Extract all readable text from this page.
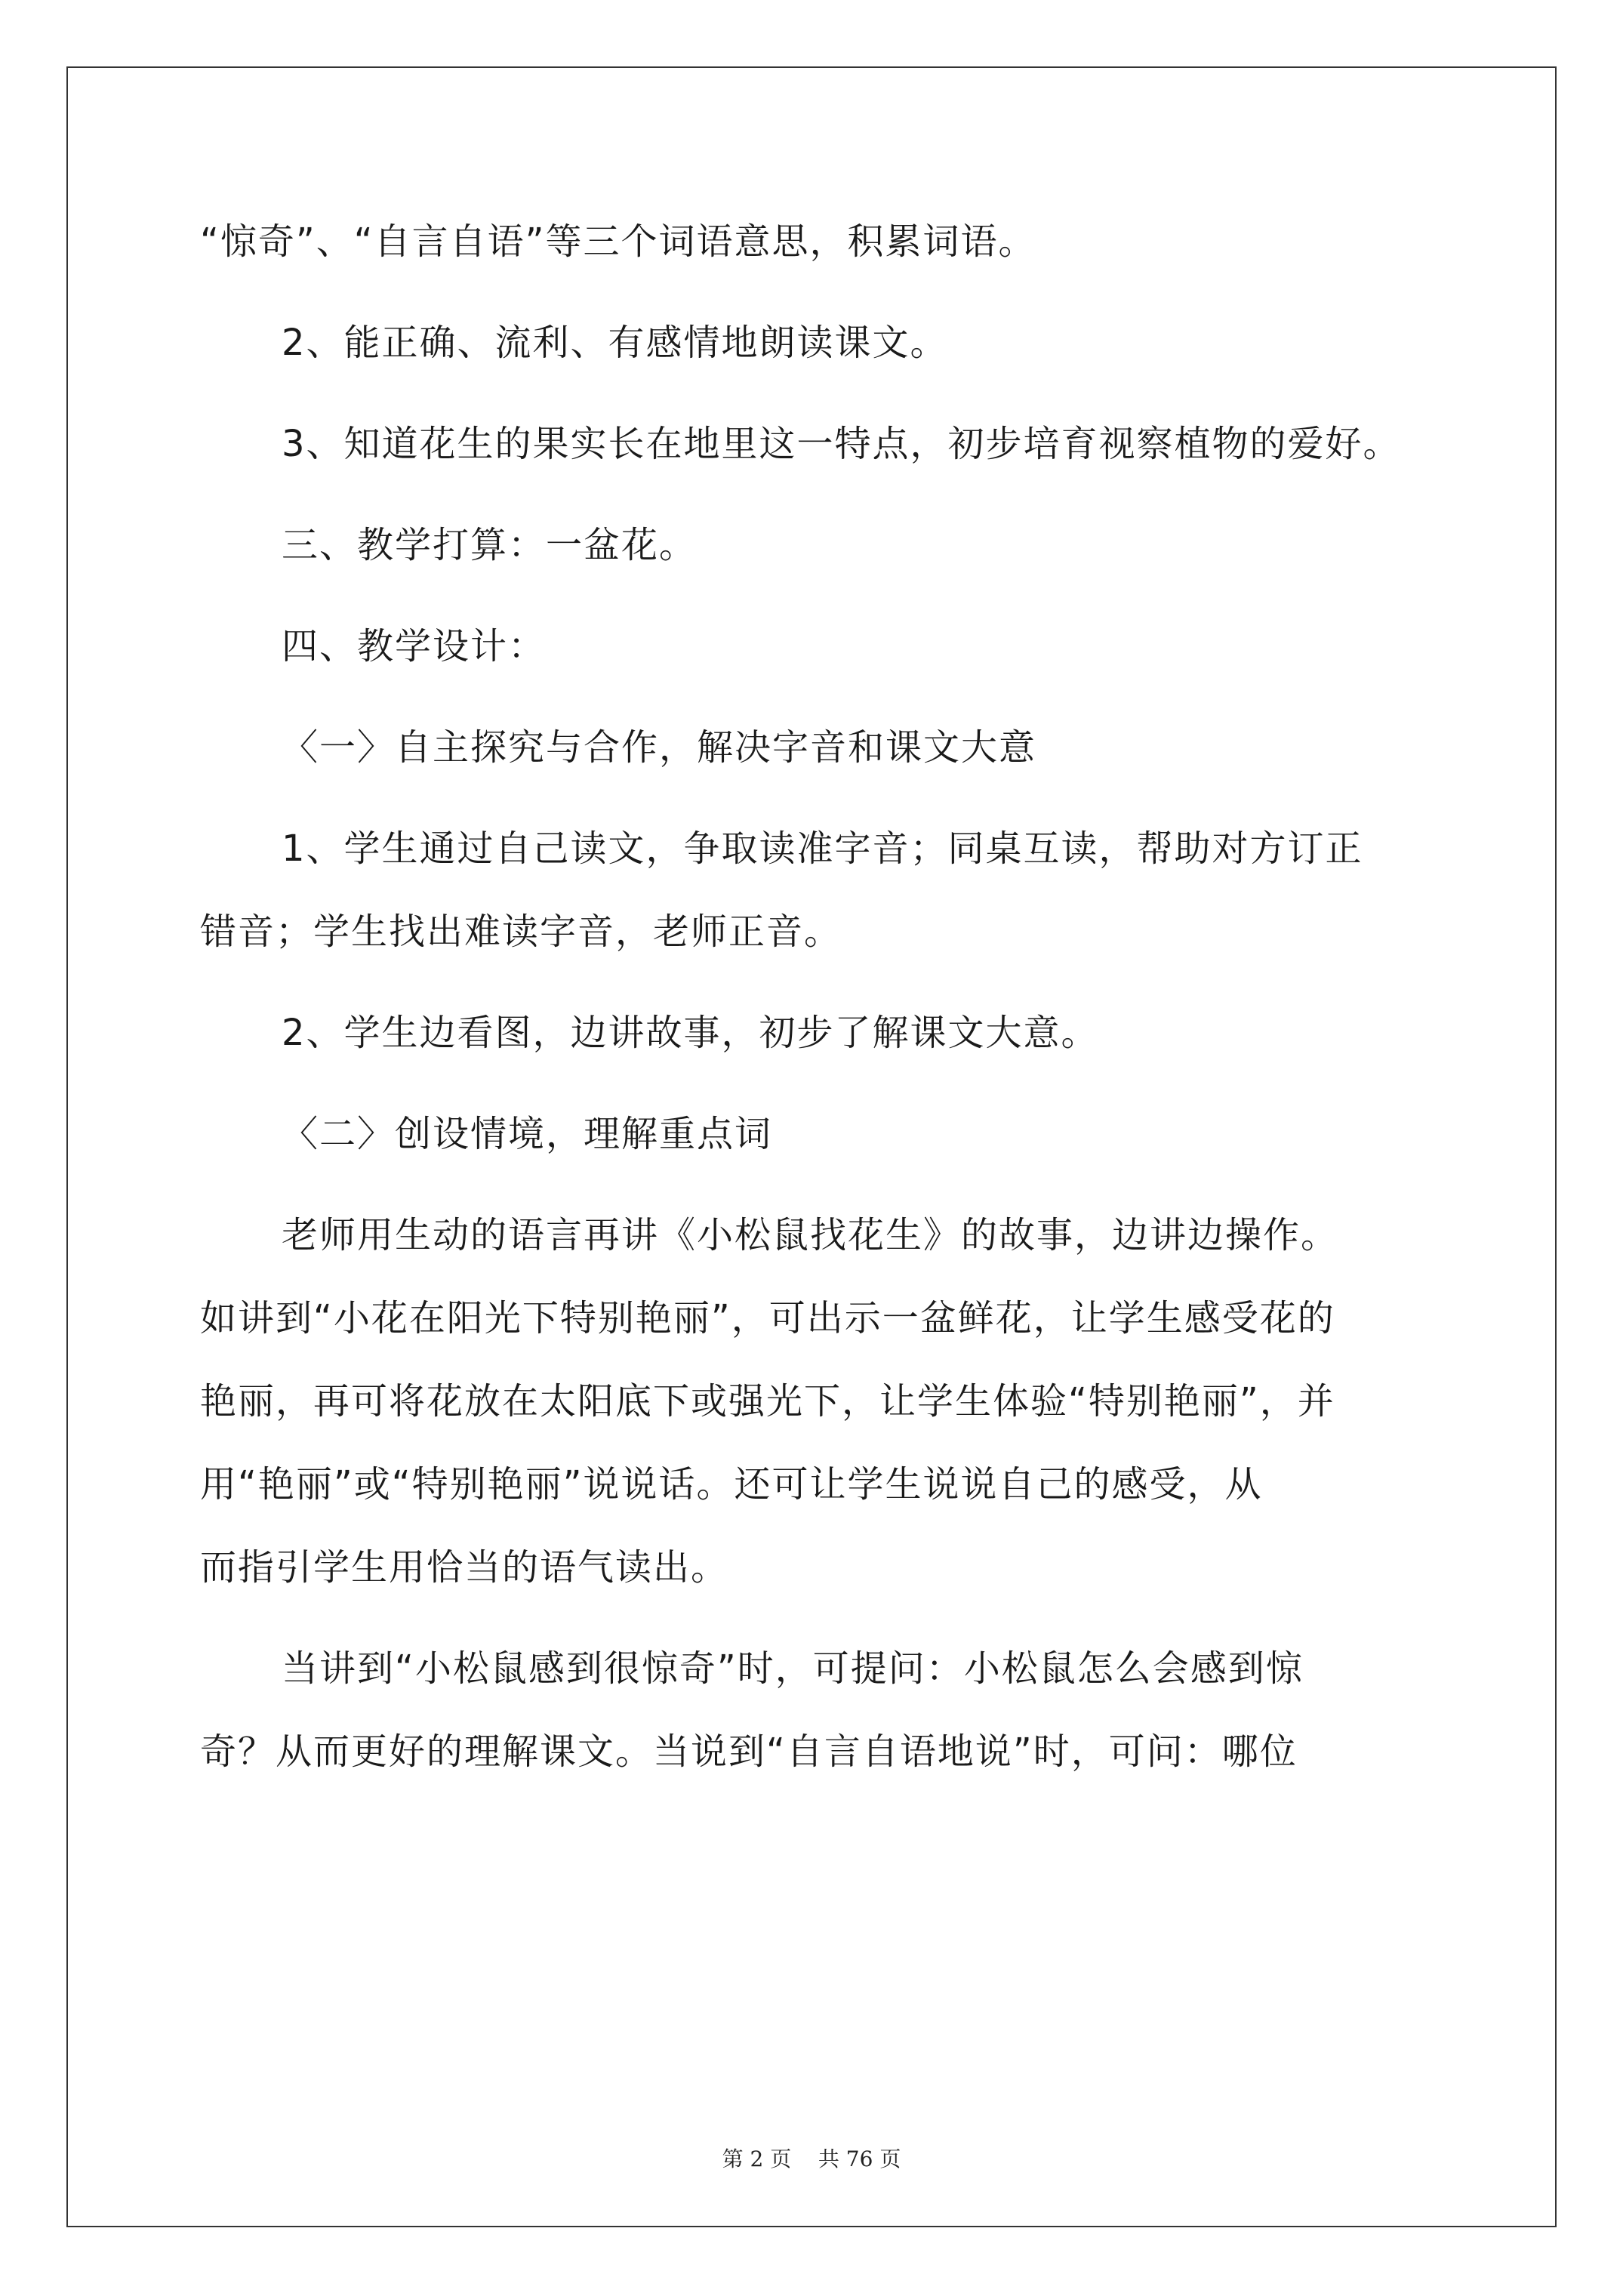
“惊奇”、“自言自语”等三个词语意思，积累词语。
2、能正确、流利、有感情地朗读课文。
3、知道花生的果实长在地里这一特点，初步培育视察植物的爱好。
三、教学打算：一盆花。
四、教学设计：
〈一〉自主探究与合作，解决字音和课文大意
1、学生通过自己读文，争取读准字音；同桌互读，帮助对方订正
错音；学生找出难读字音，老师正音。
2、学生边看图，边讲故事，初步了解课文大意。
〈二〉创设情境，理解重点词
老师用生动的语言再讲《小松鼠找花生》的故事，边讲边操作。
如讲到“小花在阳光下特别艳丽”，可出示一盆鲜花，让学生感受花的
艳丽，再可将花放在太阳底下或强光下，让学生体验“特别艳丽”，并
用“艳丽”或“特别艳丽”说说话。还可让学生说说自己的感受，从
而指引学生用恰当的语气读出。
当讲到“小松鼠感到很惊奇”时，可提问：小松鼠怎么会感到惊
奇？从而更好的理解课文。当说到“自言自语地说”时，可问：哪位
第 2 页 共 76 页
